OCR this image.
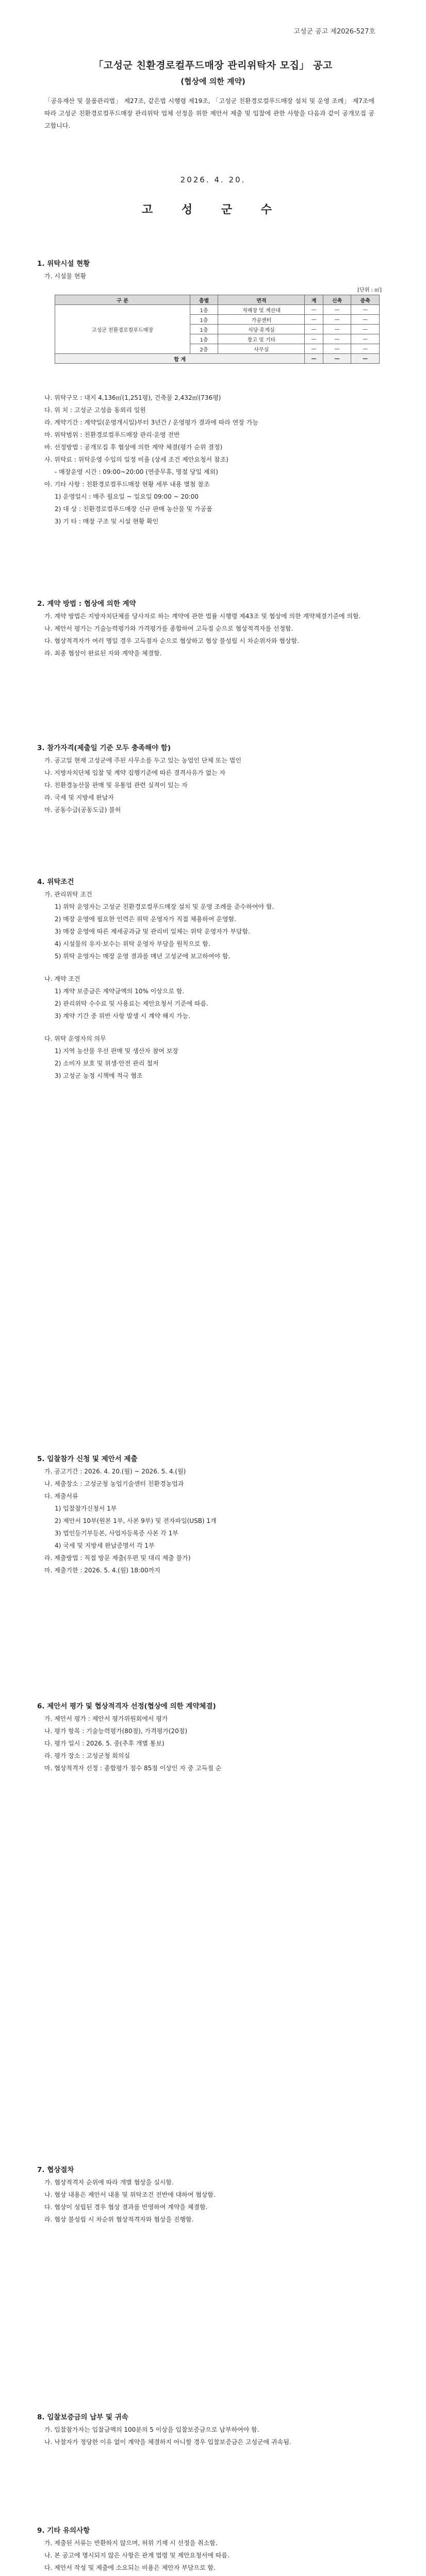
고성군 공고 제2026-527호
「고성군 친환경로컬푸드매장 관리위탁자 모집」 공고
(협상에 의한 계약)
「공유재산 및 물품관리법」 제27조, 같은법 시행령 제19조, 「고성군 친환경로컬푸드매장 설치 및 운영 조례」 제7조에 따라 고성군 친환경로컬푸드매장 관리위탁 업체 선정을 위한 제안서 제출 및 입찰에 관한 사항을 다음과 같이 공개모집 공고합니다.
2026. 4. 20.
고 성 군 수
1. 위탁시설 현황
가. 시설물 현황
[단위 : ㎡]
구 분	층별	면적	계	신축	증축
고성군 친환경로컬푸드매장	1층	직매장 및 계산대	—	—	—
	1층	가공센터	—	—	—
	1층	식당·휴게실	—	—	—
	1층	창고 및 기타	—	—	—
	2층	사무실	—	—	—
합 계			—	—	—
나. 위탁구모 : 대지 4,136㎡(1,251평), 건축물 2,432㎡(736평)
다. 위 치 : 고성군 고성읍 동외리 일원
라. 계약기간 : 계약일(운영개시일)부터 3년간 / 운영평가 결과에 따라 연장 가능
마. 위탁범위 : 친환경로컬푸드매장 관리·운영 전반
바. 선정방법 : 공개모집 후 협상에 의한 계약 체결(평가 순위 결정)
사. 위탁료 : 위탁운영 수입의 일정 비율 (상세 조건 제안요청서 참조)
- 매장운영 시간 : 09:00~20:00 (연중무휴, 명절 당일 제외)
아. 기타 사항 : 친환경로컬푸드매장 현황 세부 내용 별첨 참조
1) 운영일시 : 매주 월요일 ~ 일요일 09:00 ~ 20:00
2) 대 상 : 친환경로컬푸드매장 신규 판매 농산물 및 가공품
3) 기 타 : 매장 구조 및 시설 현황 확인
2. 계약 방법 : 협상에 의한 계약
가. 계약 방법은 지방자치단체를 당사자로 하는 계약에 관한 법률 시행령 제43조 및 협상에 의한 계약체결기준에 의함.
나. 제안서 평가는 기술능력평가와 가격평가를 종합하여 고득점 순으로 협상적격자를 선정함.
다. 협상적격자가 여러 명일 경우 고득점자 순으로 협상하고 협상 불성립 시 차순위자와 협상함.
라. 최종 협상이 완료된 자와 계약을 체결함.
3. 참가자격(제출일 기준 모두 충족해야 함)
가. 공고일 현재 고성군에 주된 사무소를 두고 있는 농업인 단체 또는 법인
나. 지방자치단체 입찰 및 계약 집행기준에 따른 결격사유가 없는 자
다. 친환경농산물 판매 및 유통업 관련 실적이 있는 자
라. 국세 및 지방세 완납자
마. 공동수급(공동도급) 불허
4. 위탁조건
가. 관리위탁 조건
1) 위탁 운영자는 고성군 친환경로컬푸드매장 설치 및 운영 조례를 준수하여야 함.
2) 매장 운영에 필요한 인력은 위탁 운영자가 직접 채용하여 운영함.
3) 매장 운영에 따른 제세공과금 및 관리비 일체는 위탁 운영자가 부담함.
4) 시설물의 유지·보수는 위탁 운영자 부담을 원칙으로 함.
5) 위탁 운영자는 매장 운영 결과를 매년 고성군에 보고하여야 함.
나. 계약 조건
1) 계약 보증금은 계약금액의 10% 이상으로 함.
2) 관리위탁 수수료 및 사용료는 제안요청서 기준에 따름.
3) 계약 기간 중 위반 사항 발생 시 계약 해지 가능.
다. 위탁 운영자의 의무
1) 지역 농산물 우선 판매 및 생산자 참여 보장
2) 소비자 보호 및 위생·안전 관리 철저
3) 고성군 농정 시책에 적극 협조
5. 입찰참가 신청 및 제안서 제출
가. 공고기간 : 2026. 4. 20.(월) ~ 2026. 5. 4.(월)
나. 제출장소 : 고성군청 농업기술센터 친환경농업과
다. 제출서류
1) 입찰참가신청서 1부
2) 제안서 10부(원본 1부, 사본 9부) 및 전자파일(USB) 1개
3) 법인등기부등본, 사업자등록증 사본 각 1부
4) 국세 및 지방세 완납증명서 각 1부
라. 제출방법 : 직접 방문 제출(우편 및 대리 제출 불가)
마. 제출기한 : 2026. 5. 4.(월) 18:00까지
6. 제안서 평가 및 협상적격자 선정(협상에 의한 계약체결)
가. 제안서 평가 : 제안서 평가위원회에서 평가
나. 평가 항목 : 기술능력평가(80점), 가격평가(20점)
다. 평가 일시 : 2026. 5. 중(추후 개별 통보)
라. 평가 장소 : 고성군청 회의실
마. 협상적격자 선정 : 종합평가 점수 85점 이상인 자 중 고득점 순
7. 협상절차
가. 협상적격자 순위에 따라 개별 협상을 실시함.
나. 협상 내용은 제안서 내용 및 위탁조건 전반에 대하여 협상함.
다. 협상이 성립된 경우 협상 결과를 반영하여 계약을 체결함.
라. 협상 불성립 시 차순위 협상적격자와 협상을 진행함.
8. 입찰보증금의 납부 및 귀속
가. 입찰참가자는 입찰금액의 100분의 5 이상을 입찰보증금으로 납부하여야 함.
나. 낙찰자가 정당한 이유 없이 계약을 체결하지 아니할 경우 입찰보증금은 고성군에 귀속됨.
9. 기타 유의사항
가. 제출된 서류는 반환하지 않으며, 허위 기재 시 선정을 취소함.
나. 본 공고에 명시되지 않은 사항은 관계 법령 및 제안요청서에 따름.
다. 제안서 작성 및 제출에 소요되는 비용은 제안자 부담으로 함.
